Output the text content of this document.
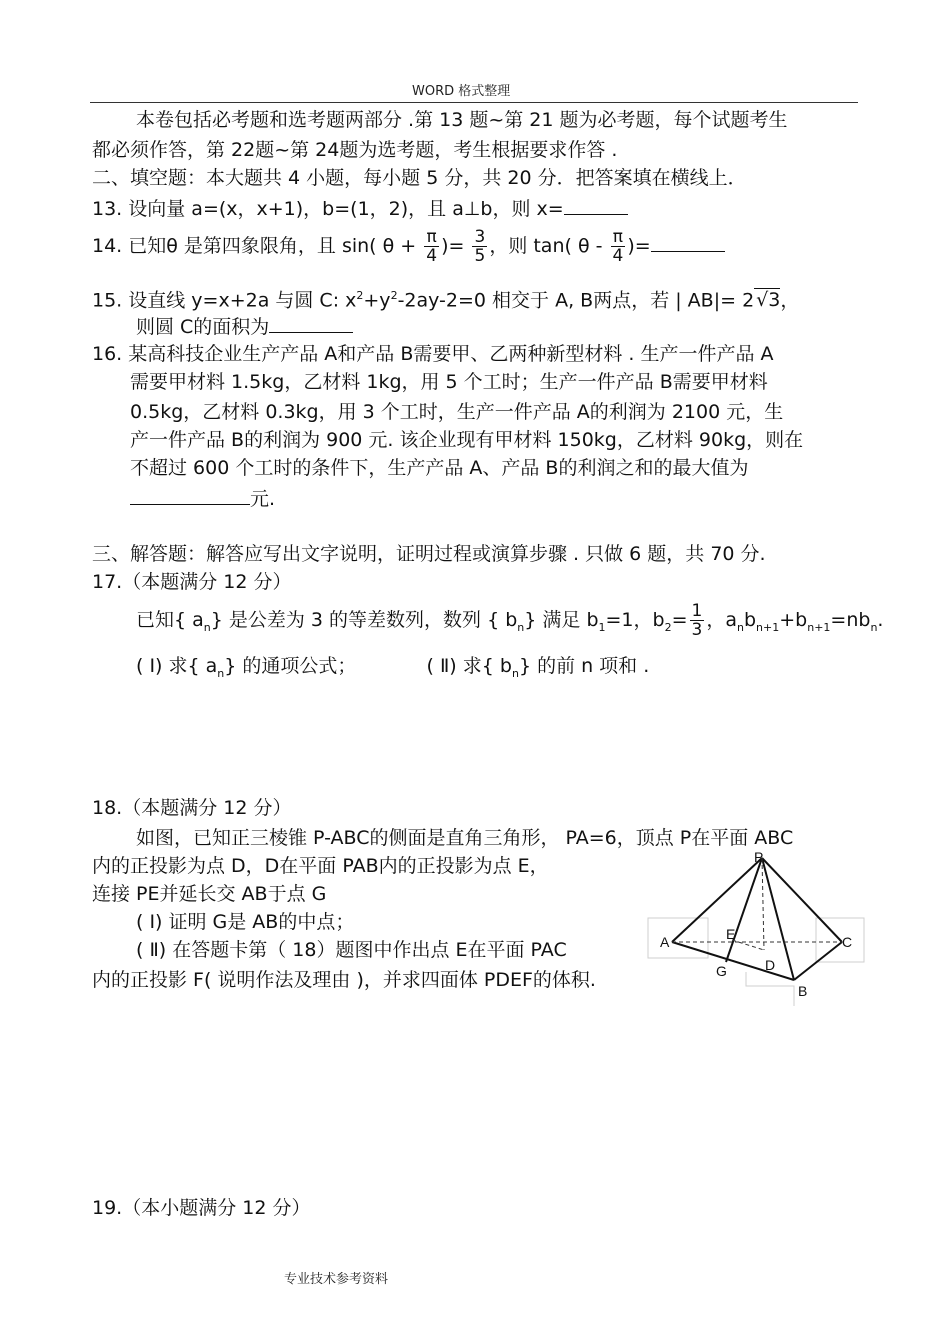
WORD 格式整理
本卷包括必考题和选考题两部分 .第 13 题~第 21 题为必考题，每个试题考生
都必须作答，第 22题~第 24题为选考题，考生根据要求作答 .
二、填空题：本大题共 4 小题，每小题 5 分，共 20 分．把答案填在横线上．
13. 设向量 a=(x，x+1)，b=(1，2)，且 a⊥b，则 x=
14. 已知θ 是第四象限角，且 sin( $\theta + \frac{\pi}{4}$ )= $\frac{3}{5}$ ，则 tan( θ - $\frac{\pi}{4}$ )=
15. 设直线 y=x+2a 与圆 C: $x^2+y^2-2ay-2=0$ 相交于 A, B两点，若 | AB|= 2 √3，
则圆 C的面积为
16. 某高科技企业生产产品 A和产品 B需要甲、乙两种新型材料 . 生产一件产品 A
需要甲材料 1.5kg，乙材料 1kg，用 5 个工时；生产一件产品 B需要甲材料
0.5kg，乙材料 0.3kg，用 3 个工时，生产一件产品 A的利润为 2100 元，生
产一件产品 B的利润为 900 元. 该企业现有甲材料 150kg，乙材料 90kg，则在
不超过 600 个工时的条件下，生产产品 A、产品 B的利润之和的最大值为
元.
三、解答题：解答应写出文字说明，证明过程或演算步骤 . 只做 6 题，共 70 分.
17.（本题满分 12 分）
已知{ $a_n$} 是公差为 3 的等差数列，数列 { $b_n$} 满足 $b_1=1$，$b_2= \frac{1}{3}$ ，$a_nb_{n+1}+b_{n+1}=nb_n$.
( Ⅰ) 求{ $a_n$} 的通项公式；	( Ⅱ) 求{ $b_n$} 的前 n 项和 .
18.（本题满分 12 分）
如图，已知正三棱锥 P-ABC的侧面是直角三角形， PA=6，顶点 P在平面 ABC
内的正投影为点 D，D在平面 PAB内的正投影为点 E，
连接 PE并延长交 AB于点 G
( Ⅰ) 证明 G是 AB的中点；
( Ⅱ) 在答题卡第（ 18）题图中作出点 E在平面 PAC
内的正投影 F( 说明作法及理由 )，并求四面体 PDEF的体积.
P
A	C
E
G	D
B
19.（本小题满分 12 分）
专业技术参考资料
